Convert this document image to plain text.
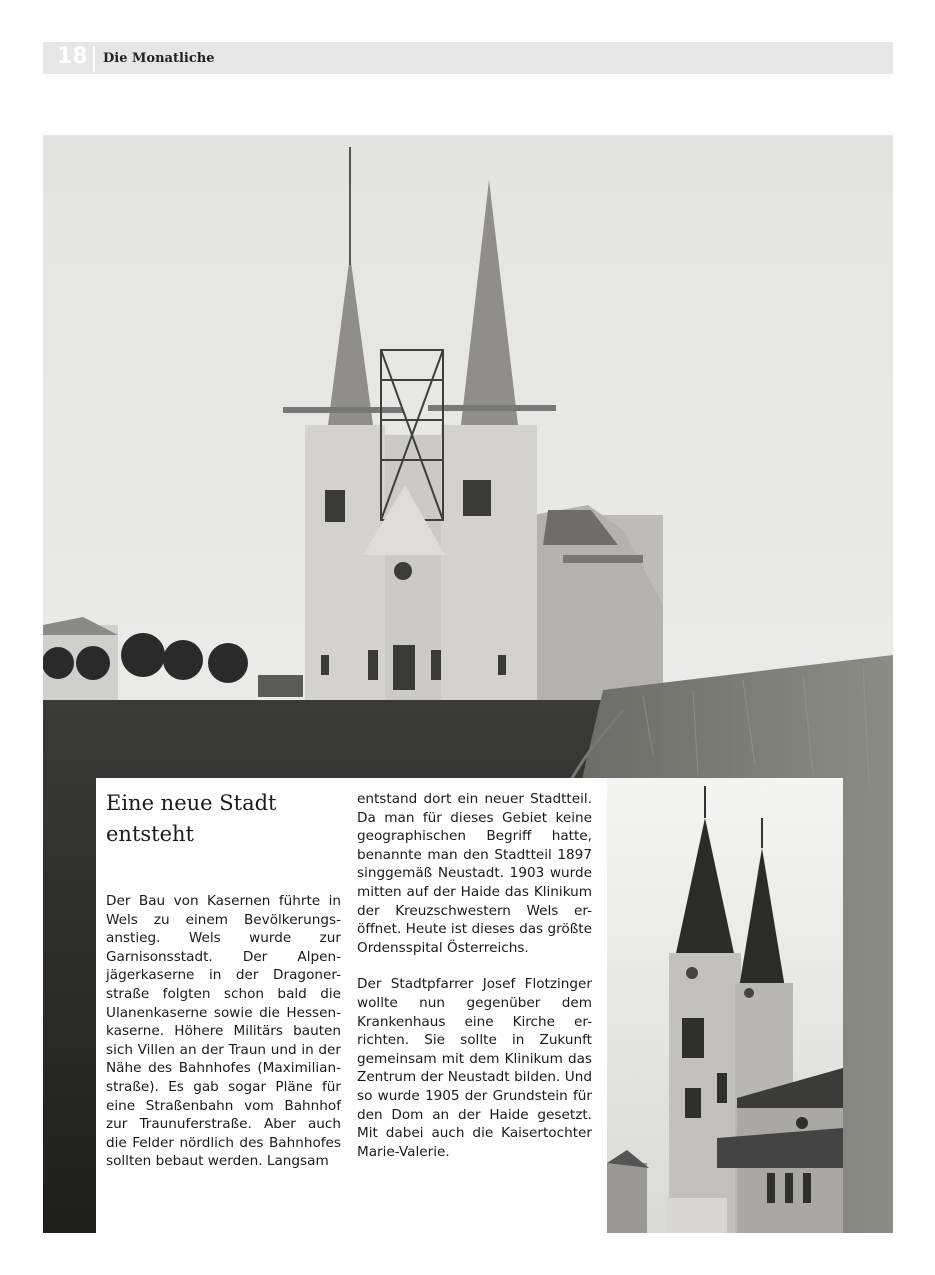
18 Die Monatliche
Eine neue Stadt entsteht

Der Bau von Kasernen führte in Wels zu einem Bevölkerungs-anstieg. Wels wurde zur Garnisonsstadt. Der Alpen-jägerkaserne in der Dragoner-straße folgten schon bald die Ulanenkaserne sowie die Hessen-kaserne. Höhere Militärs bauten sich Villen an der Traun und in der Nähe des Bahnhofes (Maximilian-straße). Es gab sogar Pläne für eine Straßenbahn vom Bahnhof zur Traunuferstraße. Aber auch die Felder nördlich des Bahnhofes sollten bebaut werden. Langsam

entstand dort ein neuer Stadtteil. Da man für dieses Gebiet keine geographischen Begriff hatte, benannte man den Stadtteil 1897 singgemäß Neustadt. 1903 wurde mitten auf der Haide das Klinikum der Kreuzschwestern Wels er-öffnet. Heute ist dieses das größte Ordensspital Österreichs.

Der Stadtpfarrer Josef Flotzinger wollte nun gegenüber dem Krankenhaus eine Kirche er-richten. Sie sollte in Zukunft gemeinsam mit dem Klinikum das Zentrum der Neustadt bilden. Und so wurde 1905 der Grundstein für den Dom an der Haide gesetzt. Mit dabei auch die Kaisertochter Marie-Valerie.
